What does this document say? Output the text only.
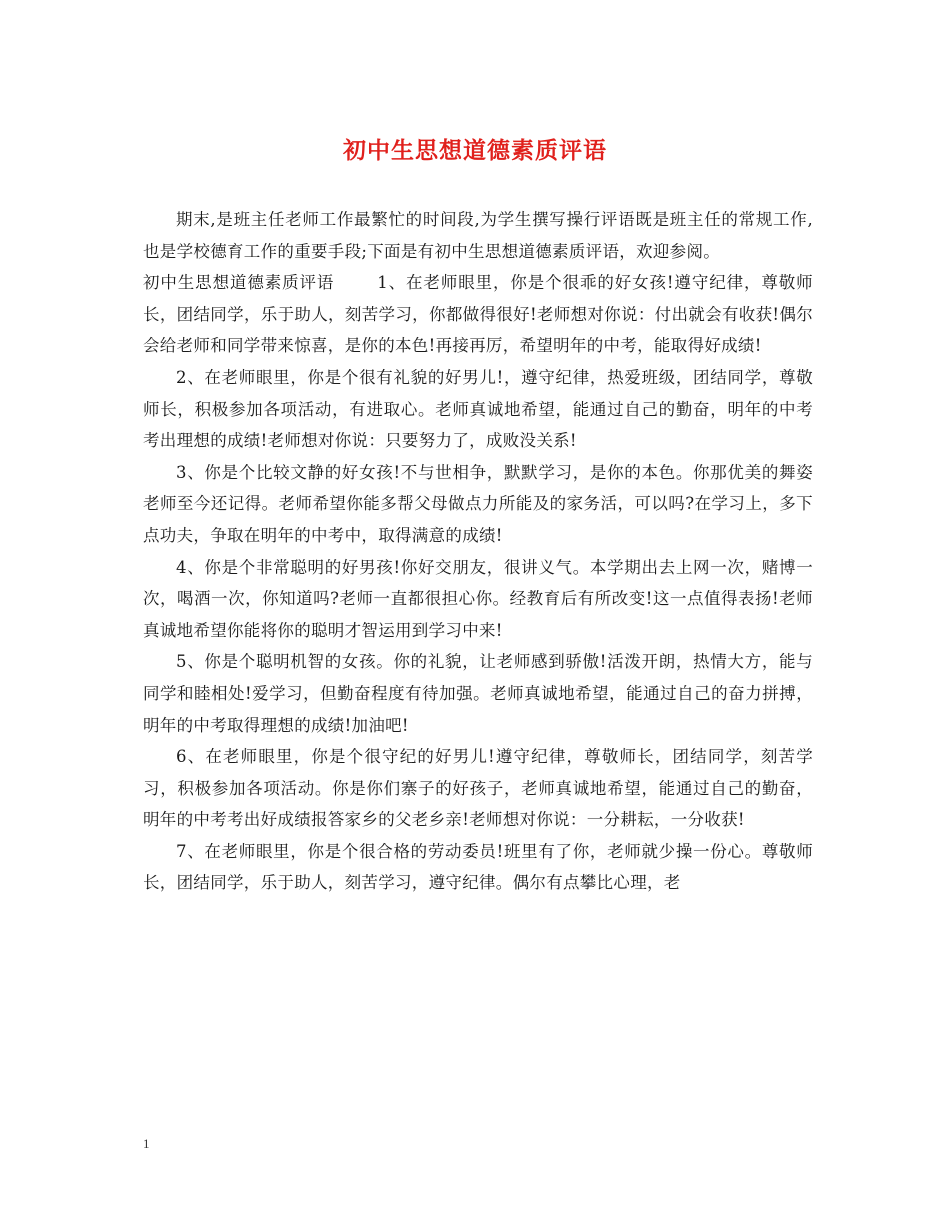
初中生思想道德素质评语

期末,是班主任老师工作最繁忙的时间段,为学生撰写操行评语既是班主任的常规工作,也是学校德育工作的重要手段;下面是有初中生思想道德素质评语，欢迎参阅。

初中生思想道德素质评语	1、在老师眼里，你是个很乖的好女孩!遵守纪律，尊敬师长，团结同学，乐于助人，刻苦学习，你都做得很好!老师想对你说：付出就会有收获!偶尔会给老师和同学带来惊喜，是你的本色!再接再厉，希望明年的中考，能取得好成绩!

2、在老师眼里，你是个很有礼貌的好男儿!，遵守纪律，热爱班级，团结同学，尊敬师长，积极参加各项活动，有进取心。老师真诚地希望，能通过自己的勤奋，明年的中考考出理想的成绩!老师想对你说：只要努力了，成败没关系!

3、你是个比较文静的好女孩!不与世相争，默默学习，是你的本色。你那优美的舞姿老师至今还记得。老师希望你能多帮父母做点力所能及的家务活，可以吗?在学习上，多下点功夫，争取在明年的中考中，取得满意的成绩!

4、你是个非常聪明的好男孩!你好交朋友，很讲义气。本学期出去上网一次，赌博一次，喝酒一次，你知道吗?老师一直都很担心你。经教育后有所改变!这一点值得表扬!老师真诚地希望你能将你的聪明才智运用到学习中来!

5、你是个聪明机智的女孩。你的礼貌，让老师感到骄傲!活泼开朗，热情大方，能与同学和睦相处!爱学习，但勤奋程度有待加强。老师真诚地希望，能通过自己的奋力拼搏，明年的中考取得理想的成绩!加油吧!

6、在老师眼里，你是个很守纪的好男儿!遵守纪律，尊敬师长，团结同学，刻苦学习，积极参加各项活动。你是你们寨子的好孩子，老师真诚地希望，能通过自己的勤奋，明年的中考考出好成绩报答家乡的父老乡亲!老师想对你说：一分耕耘，一分收获!

7、在老师眼里，你是个很合格的劳动委员!班里有了你，老师就少操一份心。尊敬师长，团结同学，乐于助人，刻苦学习，遵守纪律。偶尔有点攀比心理，老

1
